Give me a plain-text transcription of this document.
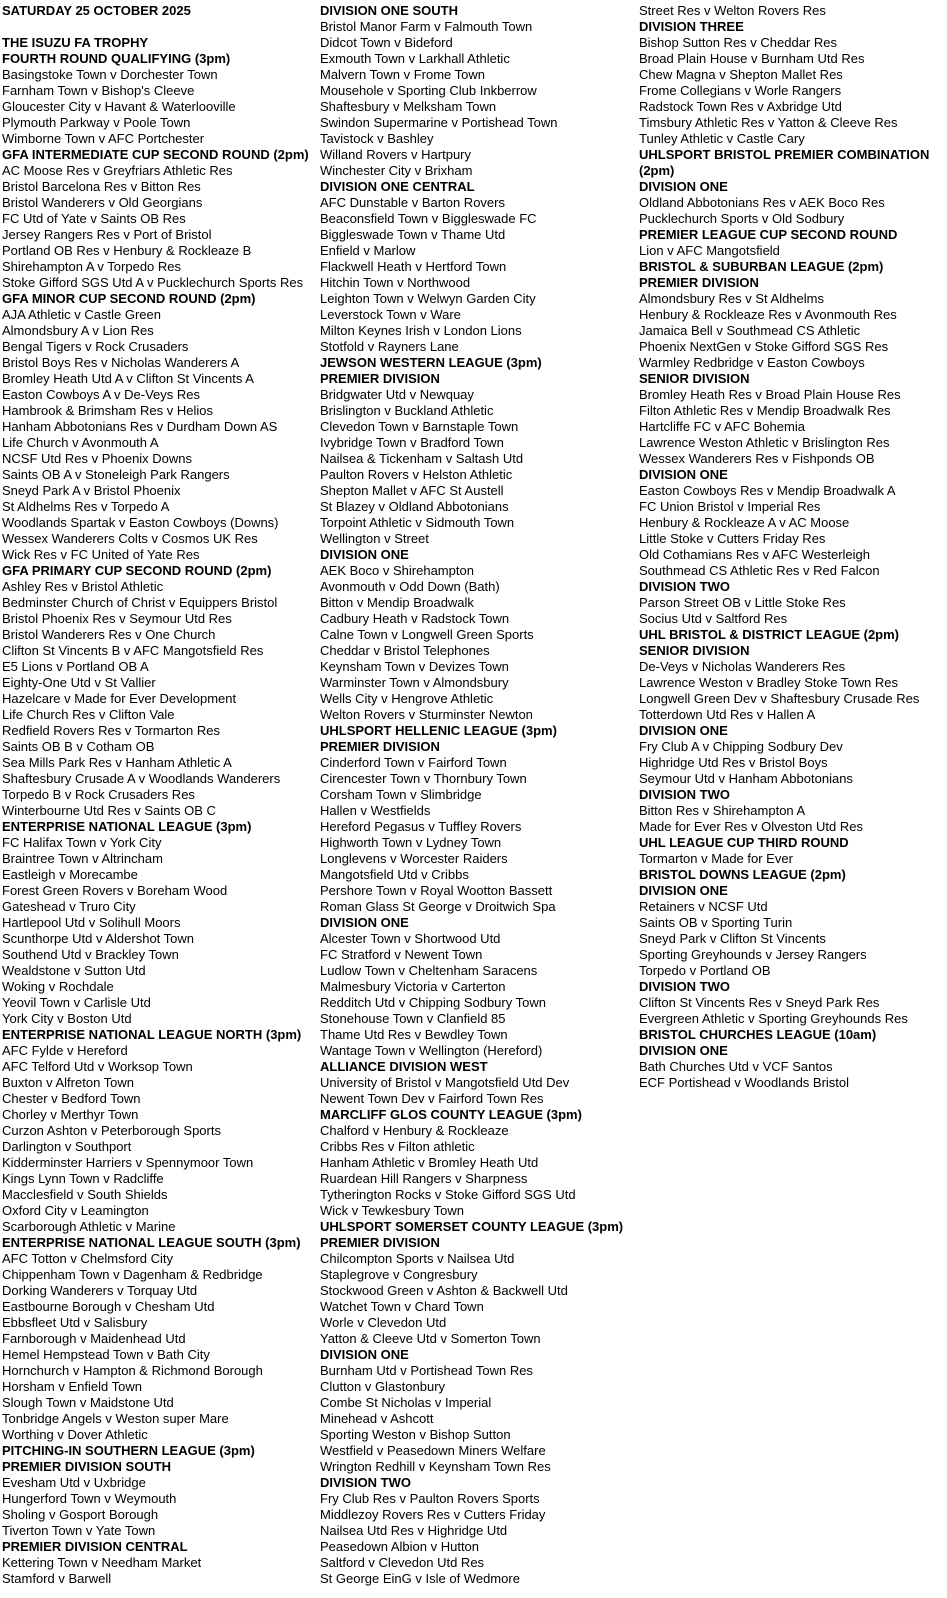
SATURDAY 25 OCTOBER 2025
THE ISUZU FA TROPHY
FOURTH ROUND QUALIFYING (3pm)
Basingstoke Town v Dorchester Town
Farnham Town v Bishop's Cleeve
Gloucester City v Havant & Waterlooville
Plymouth Parkway v Poole Town
Wimborne Town v AFC Portchester
GFA INTERMEDIATE CUP SECOND ROUND (2pm)
AC Moose Res v Greyfriars Athletic Res
Bristol Barcelona Res v Bitton Res
Bristol Wanderers v Old Georgians
FC Utd of Yate v Saints OB Res
Jersey Rangers Res v Port of Bristol
Portland OB Res v Henbury & Rockleaze B
Shirehampton A v Torpedo Res
Stoke Gifford SGS Utd A v Pucklechurch Sports Res
GFA MINOR CUP SECOND ROUND (2pm)
AJA Athletic v Castle Green
Almondsbury A v Lion Res
Bengal Tigers v Rock Crusaders
Bristol Boys Res v Nicholas Wanderers A
Bromley Heath Utd A v Clifton St Vincents A
Easton Cowboys A v De-Veys Res
Hambrook & Brimsham Res v Helios
Hanham Abbotonians Res v Durdham Down AS
Life Church v Avonmouth A
NCSF Utd Res v Phoenix Downs
Saints OB A v Stoneleigh Park Rangers
Sneyd Park A v Bristol Phoenix
St Aldhelms Res v Torpedo A
Woodlands Spartak v Easton Cowboys (Downs)
Wessex Wanderers Colts v Cosmos UK Res
Wick Res v FC United of Yate Res
GFA PRIMARY CUP SECOND ROUND (2pm)
Ashley Res v Bristol Athletic
Bedminster Church of Christ v Equippers Bristol
Bristol Phoenix Res v Seymour Utd Res
Bristol Wanderers Res v One Church
Clifton St Vincents B v AFC Mangotsfield Res
E5 Lions v Portland OB A
Eighty-One Utd v St Vallier
Hazelcare v Made for Ever Development
Life Church Res v Clifton Vale
Redfield Rovers Res v Tormarton Res
Saints OB B v Cotham OB
Sea Mills Park Res v Hanham Athletic A
Shaftesbury Crusade A v Woodlands Wanderers
Torpedo B v Rock Crusaders Res
Winterbourne Utd Res v Saints OB C
ENTERPRISE NATIONAL LEAGUE (3pm)
FC Halifax Town v York City
Braintree Town v Altrincham
Eastleigh v Morecambe
Forest Green Rovers v Boreham Wood
Gateshead v Truro City
Hartlepool Utd v Solihull Moors
Scunthorpe Utd v Aldershot Town
Southend Utd v Brackley Town
Wealdstone v Sutton Utd
Woking v Rochdale
Yeovil Town v Carlisle Utd
York City v Boston Utd
ENTERPRISE NATIONAL LEAGUE NORTH (3pm)
AFC Fylde v Hereford
AFC Telford Utd v Worksop Town
Buxton v Alfreton Town
Chester v Bedford Town
Chorley v Merthyr Town
Curzon Ashton v Peterborough Sports
Darlington v Southport
Kidderminster Harriers v Spennymoor Town
Kings Lynn Town v Radcliffe
Macclesfield v South Shields
Oxford City v Leamington
Scarborough Athletic v Marine
ENTERPRISE NATIONAL LEAGUE SOUTH (3pm)
AFC Totton v Chelmsford City
Chippenham Town v Dagenham & Redbridge
Dorking Wanderers v Torquay Utd
Eastbourne Borough v Chesham Utd
Ebbsfleet Utd v Salisbury
Farnborough v Maidenhead Utd
Hemel Hempstead Town v Bath City
Hornchurch v Hampton & Richmond Borough
Horsham v Enfield Town
Slough Town v Maidstone Utd
Tonbridge Angels v Weston super Mare
Worthing v Dover Athletic
PITCHING-IN SOUTHERN LEAGUE (3pm)
PREMIER DIVISION SOUTH
Evesham Utd v Uxbridge
Hungerford Town v Weymouth
Sholing v Gosport Borough
Tiverton Town v Yate Town
PREMIER DIVISION CENTRAL
Kettering Town v Needham Market
Stamford v Barwell
DIVISION ONE SOUTH
Bristol Manor Farm v Falmouth Town
Didcot Town v Bideford
Exmouth Town v Larkhall Athletic
Malvern Town v Frome Town
Mousehole v Sporting Club Inkberrow
Shaftesbury v Melksham Town
Swindon Supermarine v Portishead Town
Tavistock v Bashley
Willand Rovers v Hartpury
Winchester City v Brixham
DIVISION ONE CENTRAL
AFC Dunstable v Barton Rovers
Beaconsfield Town v Biggleswade FC
Biggleswade Town v Thame Utd
Enfield v Marlow
Flackwell Heath v Hertford Town
Hitchin Town v Northwood
Leighton Town v Welwyn Garden City
Leverstock Town v Ware
Milton Keynes Irish v London Lions
Stotfold v Rayners Lane
JEWSON WESTERN LEAGUE (3pm)
PREMIER DIVISION
Bridgwater Utd v Newquay
Brislington v Buckland Athletic
Clevedon Town v Barnstaple Town
Ivybridge Town v Bradford Town
Nailsea & Tickenham v Saltash Utd
Paulton Rovers v Helston Athletic
Shepton Mallet v AFC St Austell
St Blazey v Oldland Abbotonians
Torpoint Athletic v Sidmouth Town
Wellington v Street
DIVISION ONE
AEK Boco v Shirehampton
Avonmouth v Odd Down (Bath)
Bitton v Mendip Broadwalk
Cadbury Heath v Radstock Town
Calne Town v Longwell Green Sports
Cheddar v Bristol Telephones
Keynsham Town v Devizes Town
Warminster Town v Almondsbury
Wells City v Hengrove Athletic
Welton Rovers v Sturminster Newton
UHLSPORT HELLENIC LEAGUE (3pm)
PREMIER DIVISION
Cinderford Town v Fairford Town
Cirencester Town v Thornbury Town
Corsham Town v Slimbridge
Hallen v Westfields
Hereford Pegasus v Tuffley Rovers
Highworth Town v Lydney Town
Longlevens v Worcester Raiders
Mangotsfield Utd v Cribbs
Pershore Town v Royal Wootton Bassett
Roman Glass St George v Droitwich Spa
DIVISION ONE
Alcester Town v Shortwood Utd
FC Stratford v Newent Town
Ludlow Town v Cheltenham Saracens
Malmesbury Victoria v Carterton
Redditch Utd v Chipping Sodbury Town
Stonehouse Town v Clanfield 85
Thame Utd Res v Bewdley Town
Wantage Town v Wellington (Hereford)
ALLIANCE DIVISION WEST
University of Bristol v Mangotsfield Utd Dev
Newent Town Dev v Fairford Town Res
MARCLIFF GLOS COUNTY LEAGUE (3pm)
Chalford v Henbury & Rockleaze
Cribbs Res v Filton athletic
Hanham Athletic v Bromley Heath Utd
Ruardean Hill Rangers v Sharpness
Tytherington Rocks v Stoke Gifford SGS Utd
Wick v Tewkesbury Town
UHLSPORT SOMERSET COUNTY LEAGUE (3pm)
PREMIER DIVISION
Chilcompton Sports v Nailsea Utd
Staplegrove v Congresbury
Stockwood Green v Ashton & Backwell Utd
Watchet Town v Chard Town
Worle v Clevedon Utd
Yatton & Cleeve Utd v Somerton Town
DIVISION ONE
Burnham Utd v Portishead Town Res
Clutton v Glastonbury
Combe St Nicholas v Imperial
Minehead v Ashcott
Sporting Weston v Bishop Sutton
Westfield v Peasedown Miners Welfare
Wrington Redhill v Keynsham Town Res
DIVISION TWO
Fry Club Res v Paulton Rovers Sports
Middlezoy Rovers Res v Cutters Friday
Nailsea Utd Res v Highridge Utd
Peasedown Albion v Hutton
Saltford v Clevedon Utd Res
St George EinG v Isle of Wedmore
Street Res v Welton Rovers Res
DIVISION THREE
Bishop Sutton Res v Cheddar Res
Broad Plain House v Burnham Utd Res
Chew Magna v Shepton Mallet Res
Frome Collegians v Worle Rangers
Radstock Town Res v Axbridge Utd
Timsbury Athletic Res v Yatton & Cleeve Res
Tunley Athletic v Castle Cary
UHLSPORT BRISTOL PREMIER COMBINATION (2pm)
DIVISION ONE
Oldland Abbotonians Res v AEK Boco Res
Pucklechurch Sports v Old Sodbury
PREMIER LEAGUE CUP SECOND ROUND
Lion v AFC Mangotsfield
BRISTOL & SUBURBAN LEAGUE (2pm)
PREMIER DIVISION
Almondsbury Res v St Aldhelms
Henbury & Rockleaze Res v Avonmouth Res
Jamaica Bell v Southmead CS Athletic
Phoenix NextGen v Stoke Gifford SGS Res
Warmley Redbridge v Easton Cowboys
SENIOR DIVISION
Bromley Heath Res v Broad Plain House Res
Filton Athletic Res v Mendip Broadwalk Res
Hartcliffe FC v AFC Bohemia
Lawrence Weston Athletic v Brislington Res
Wessex Wanderers Res v Fishponds OB
DIVISION ONE
Easton Cowboys Res v Mendip Broadwalk A
FC Union Bristol v Imperial Res
Henbury & Rockleaze A v AC Moose
Little Stoke v Cutters Friday Res
Old Cothamians Res v AFC Westerleigh
Southmead CS Athletic Res v Red Falcon
DIVISION TWO
Parson Street OB v Little Stoke Res
Socius Utd v Saltford Res
UHL BRISTOL & DISTRICT LEAGUE (2pm)
SENIOR DIVISION
De-Veys v Nicholas Wanderers Res
Lawrence Weston v Bradley Stoke Town Res
Longwell Green Dev v Shaftesbury Crusade Res
Totterdown Utd Res v Hallen A
DIVISION ONE
Fry Club A v Chipping Sodbury Dev
Highridge Utd Res v Bristol Boys
Seymour Utd v Hanham Abbotonians
DIVISION TWO
Bitton Res v Shirehampton A
Made for Ever Res v Olveston Utd Res
UHL LEAGUE CUP THIRD ROUND
Tormarton v Made for Ever
BRISTOL DOWNS LEAGUE (2pm)
DIVISION ONE
Retainers v NCSF Utd
Saints OB v Sporting Turin
Sneyd Park v Clifton St Vincents
Sporting Greyhounds v Jersey Rangers
Torpedo v Portland OB
DIVISION TWO
Clifton St Vincents Res v Sneyd Park Res
Evergreen Athletic v Sporting Greyhounds Res
BRISTOL CHURCHES LEAGUE (10am)
DIVISION ONE
Bath Churches Utd v VCF Santos
ECF Portishead v Woodlands Bristol
